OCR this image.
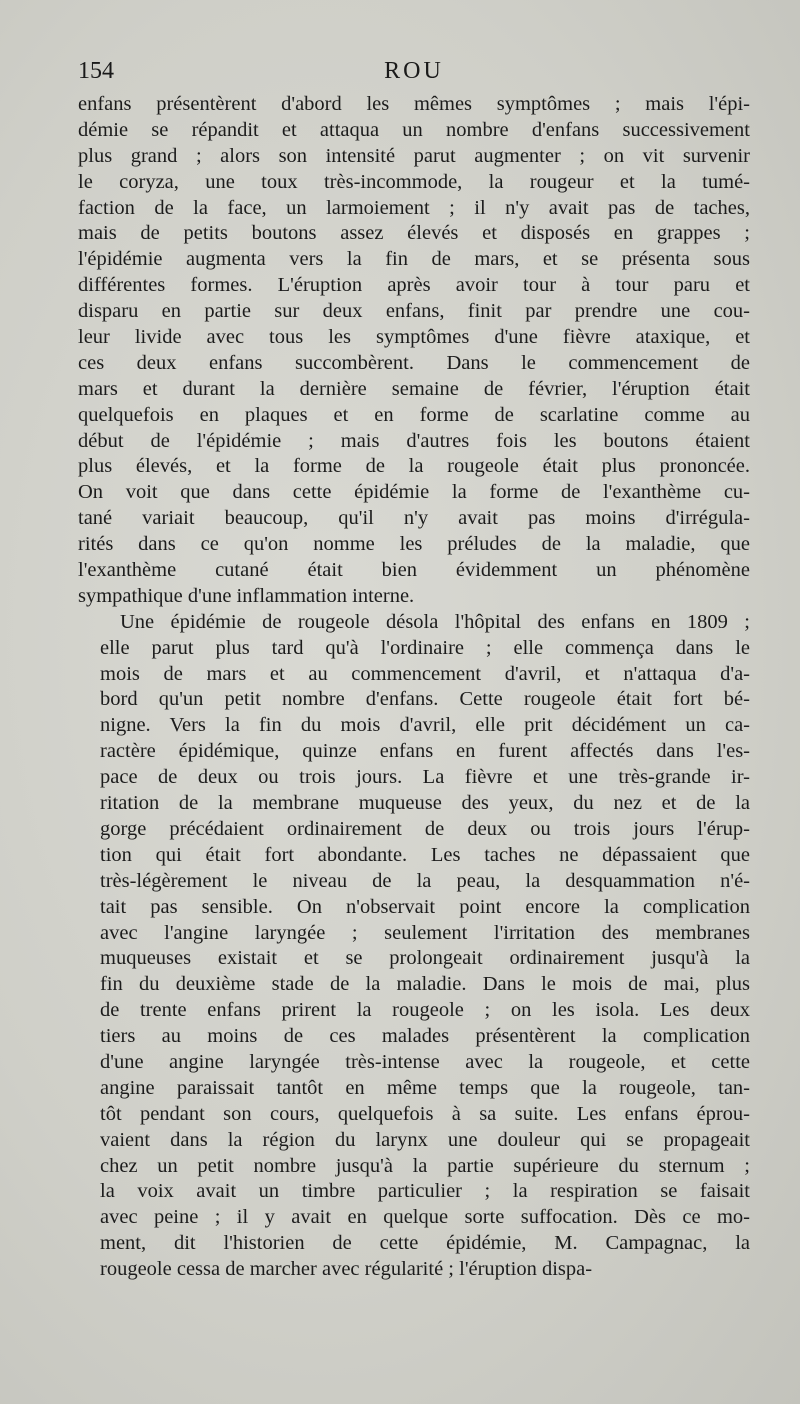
154	ROU
enfans présentèrent d'abord les mêmes symptômes ; mais l'épi-
démie se répandit et attaqua un nombre d'enfans successivement
plus grand ; alors son intensité parut augmenter ; on vit survenir
le coryza, une toux très-incommode, la rougeur et la tumé-
faction de la face, un larmoiement ; il n'y avait pas de taches,
mais de petits boutons assez élevés et disposés en grappes ;
l'épidémie augmenta vers la fin de mars, et se présenta sous
différentes formes. L'éruption après avoir tour à tour paru et
disparu en partie sur deux enfans, finit par prendre une cou-
leur livide avec tous les symptômes d'une fièvre ataxique, et
ces deux enfans succombèrent. Dans le commencement de
mars et durant la dernière semaine de février, l'éruption était
quelquefois en plaques et en forme de scarlatine comme au
début de l'épidémie ; mais d'autres fois les boutons étaient
plus élevés, et la forme de la rougeole était plus prononcée.
On voit que dans cette épidémie la forme de l'exanthème cu-
tané variait beaucoup, qu'il n'y avait pas moins d'irrégula-
rités dans ce qu'on nomme les préludes de la maladie, que
l'exanthème cutané était bien évidemment un phénomène
sympathique d'une inflammation interne.
Une épidémie de rougeole désola l'hôpital des enfans en 1809 ;
elle parut plus tard qu'à l'ordinaire ; elle commença dans le
mois de mars et au commencement d'avril, et n'attaqua d'a-
bord qu'un petit nombre d'enfans. Cette rougeole était fort bé-
nigne. Vers la fin du mois d'avril, elle prit décidément un ca-
ractère épidémique, quinze enfans en furent affectés dans l'es-
pace de deux ou trois jours. La fièvre et une très-grande ir-
ritation de la membrane muqueuse des yeux, du nez et de la
gorge précédaient ordinairement de deux ou trois jours l'érup-
tion qui était fort abondante. Les taches ne dépassaient que
très-légèrement le niveau de la peau, la desquammation n'é-
tait pas sensible. On n'observait point encore la complication
avec l'angine laryngée ; seulement l'irritation des membranes
muqueuses existait et se prolongeait ordinairement jusqu'à la
fin du deuxième stade de la maladie. Dans le mois de mai, plus
de trente enfans prirent la rougeole ; on les isola. Les deux
tiers au moins de ces malades présentèrent la complication
d'une angine laryngée très-intense avec la rougeole, et cette
angine paraissait tantôt en même temps que la rougeole, tan-
tôt pendant son cours, quelquefois à sa suite. Les enfans éprou-
vaient dans la région du larynx une douleur qui se propageait
chez un petit nombre jusqu'à la partie supérieure du sternum ;
la voix avait un timbre particulier ; la respiration se faisait
avec peine ; il y avait en quelque sorte suffocation. Dès ce mo-
ment, dit l'historien de cette épidémie, M. Campagnac, la
rougeole cessa de marcher avec régularité ; l'éruption dispa-
